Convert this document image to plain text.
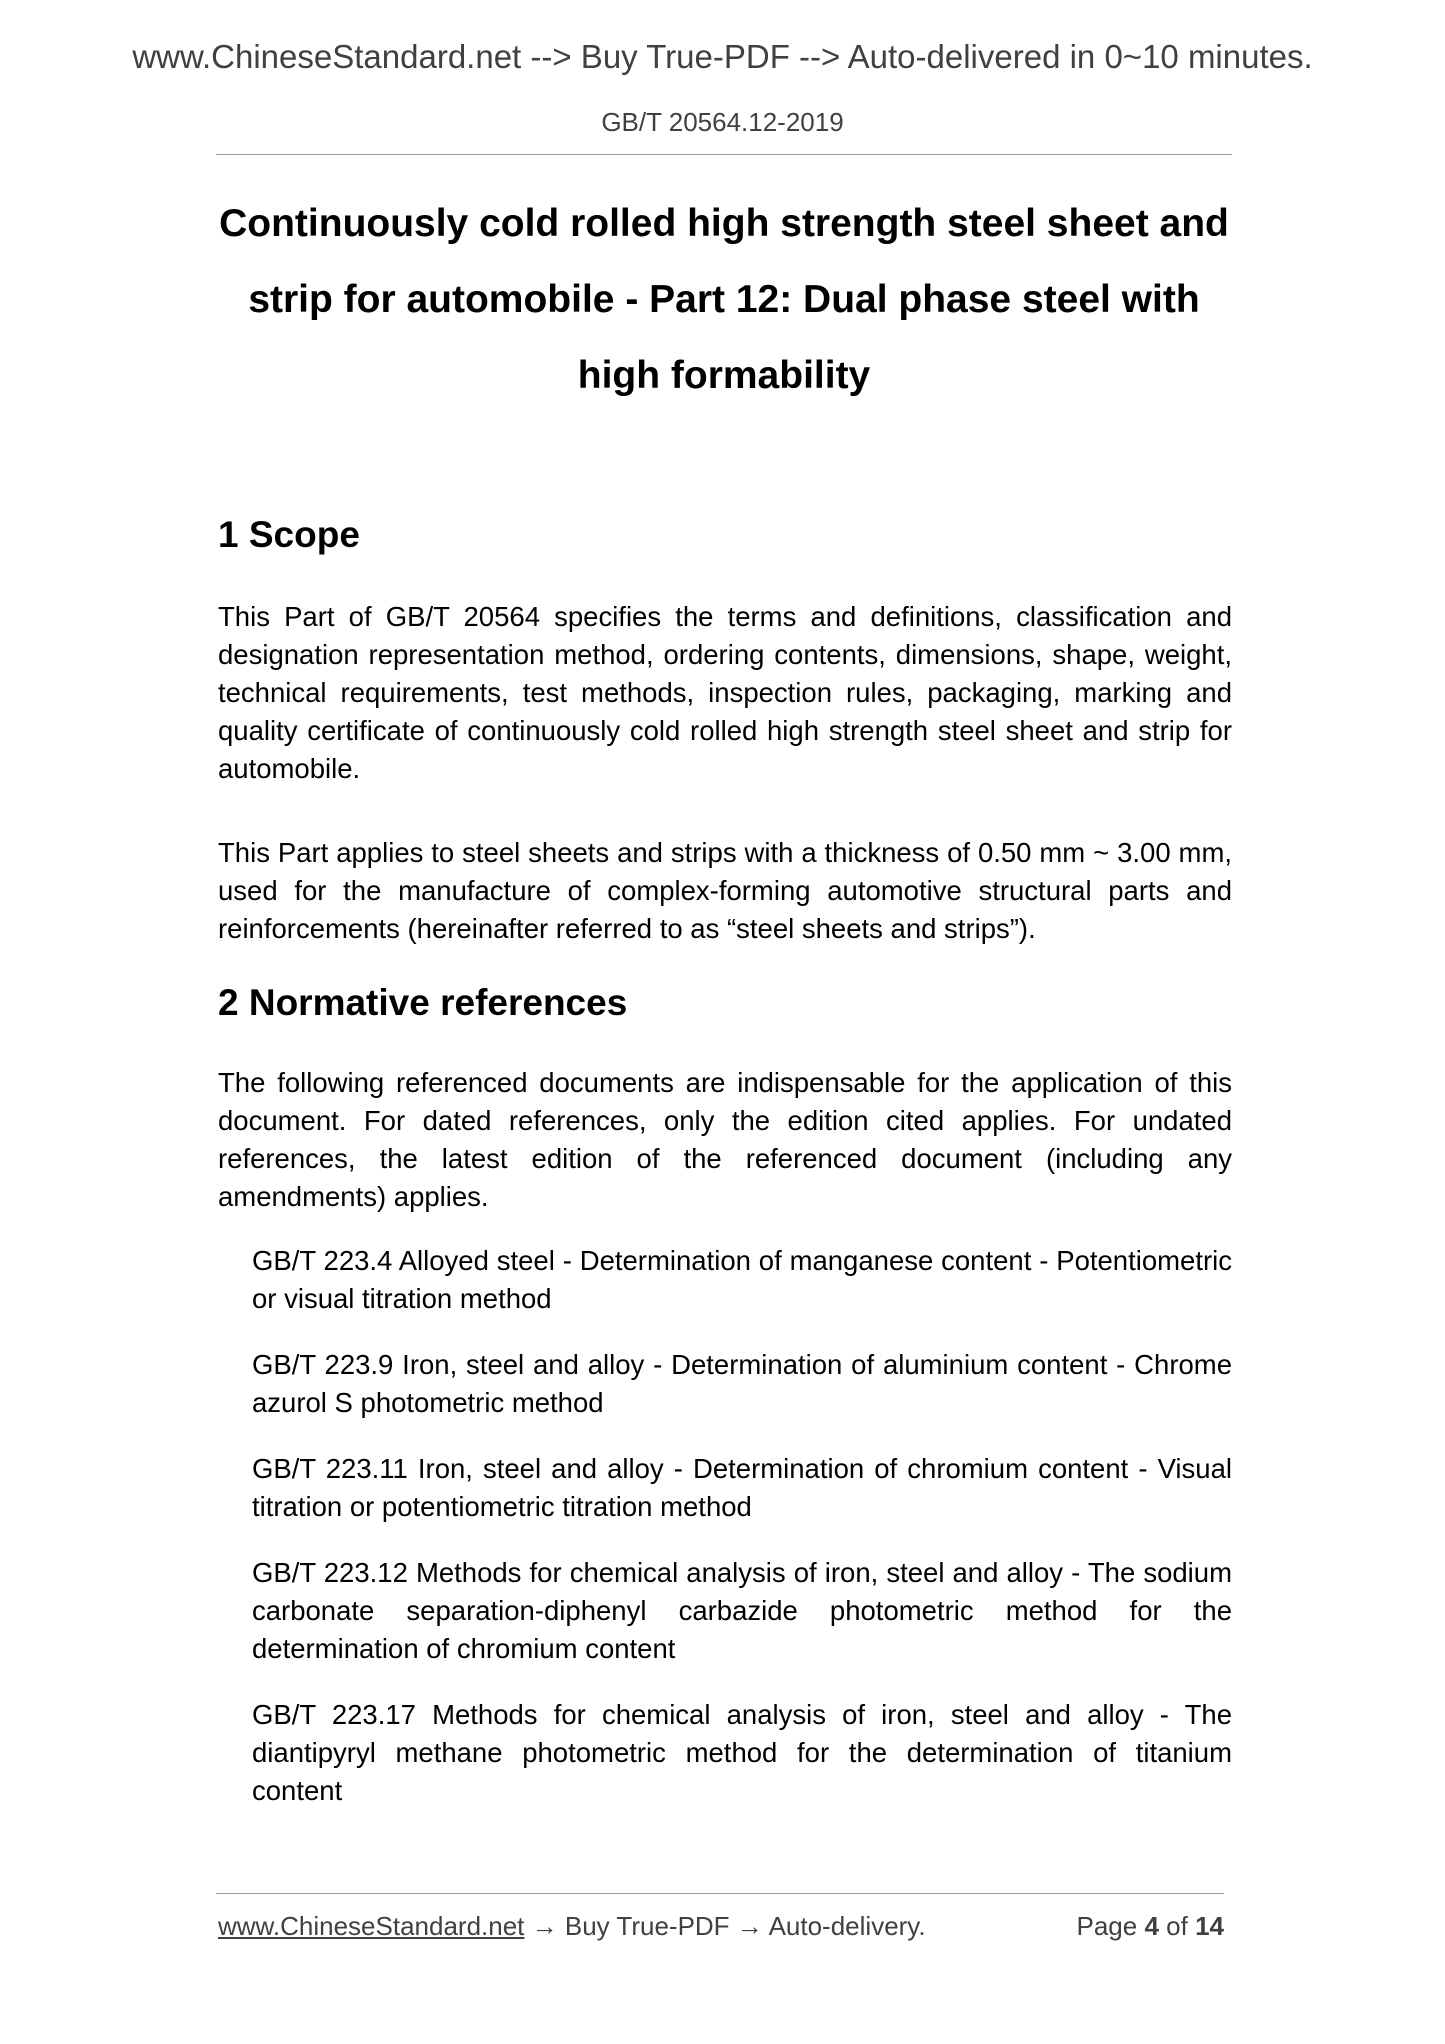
www.ChineseStandard.net --> Buy True-PDF --> Auto-delivered in 0~10 minutes.
GB/T 20564.12-2019
Continuously cold rolled high strength steel sheet and
strip for automobile - Part 12: Dual phase steel with
high formability
1 Scope

This Part of GB/T 20564 specifies the terms and definitions, classification and designation representation method, ordering contents, dimensions, shape, weight, technical requirements, test methods, inspection rules, packaging, marking and quality certificate of continuously cold rolled high strength steel sheet and strip for automobile.

This Part applies to steel sheets and strips with a thickness of 0.50 mm ~ 3.00 mm, used for the manufacture of complex-forming automotive structural parts and reinforcements (hereinafter referred to as “steel sheets and strips”).

2 Normative references

The following referenced documents are indispensable for the application of this document. For dated references, only the edition cited applies. For undated references, the latest edition of the referenced document (including any amendments) applies.

GB/T 223.4 Alloyed steel - Determination of manganese content - Potentiometric or visual titration method

GB/T 223.9 Iron, steel and alloy - Determination of aluminium content - Chrome azurol S photometric method

GB/T 223.11 Iron, steel and alloy - Determination of chromium content - Visual titration or potentiometric titration method

GB/T 223.12 Methods for chemical analysis of iron, steel and alloy - The sodium carbonate separation-diphenyl carbazide photometric method for the determination of chromium content

GB/T 223.17 Methods for chemical analysis of iron, steel and alloy - The diantipyryl methane photometric method for the determination of titanium content

www.ChineseStandard.net → Buy True-PDF → Auto-delivery.	Page 4 of 14
